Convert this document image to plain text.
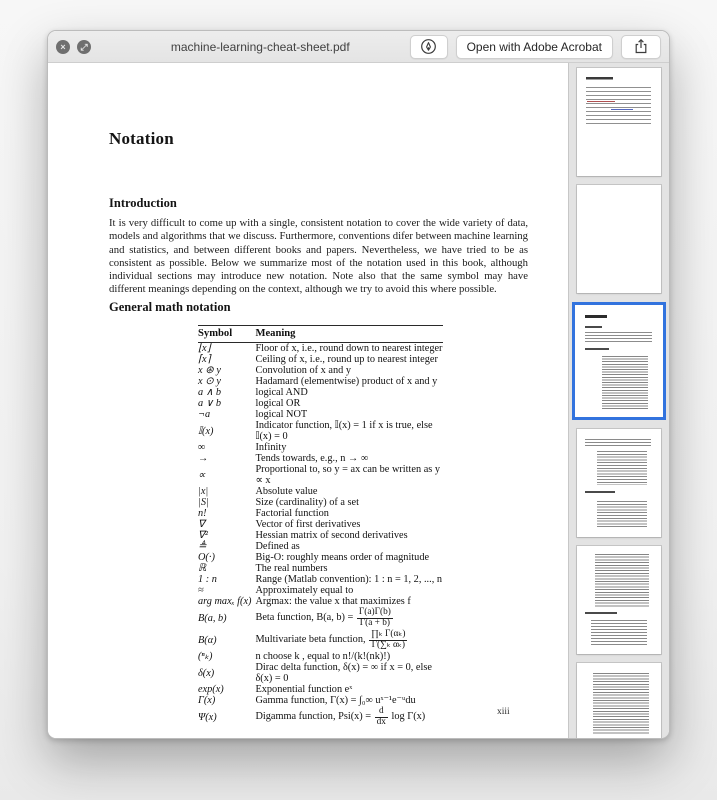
×	⤢	machine-learning-cheat-sheet.pdf	Open with Adobe Acrobat
Notation
Introduction
It is very difficult to come up with a single, consistent notation to cover the wide variety of data, models and algorithms that we discuss. Furthermore, conventions difer between machine learning and statistics, and between different books and papers. Nevertheless, we have tried to be as consistent as possible. Below we summarize most of the notation used in this book, although individual sections may introduce new notation. Note also that the same symbol may have different meanings depending on the context, although we try to avoid this where possible.
General math notation
Symbol	Meaning
⌊x⌋	Floor of x, i.e., round down to nearest integer
⌈x⌉	Ceiling of x, i.e., round up to nearest integer
x ⊛ y	Convolution of x and y
x ⊙ y	Hadamard (elementwise) product of x and y
a ∧ b	logical AND
a ∨ b	logical OR
¬a	logical NOT
𝕀(x)	Indicator function, 𝕀(x) = 1 if x is true, else 𝕀(x) = 0
∞	Infinity
→	Tends towards, e.g., n → ∞
∝	Proportional to, so y = ax can be written as y ∝ x
|x|	Absolute value
|S|	Size (cardinality) of a set
n!	Factorial function
∇	Vector of first derivatives
∇²	Hessian matrix of second derivatives
≜	Defined as
O(·)	Big-O: roughly means order of magnitude
ℝ	The real numbers
1 : n	Range (Matlab convention): 1 : n = 1, 2, ..., n
≈	Approximately equal to
arg maxₓ f(x)	Argmax: the value x that maximizes f
B(a, b)	Beta function, B(a, $b) = \frac{\Gamma(a)\Gamma(b)}{\Gamma(a + b)}$

B(α)	Multivariate beta function, $\frac{\text{∏ₖ Γ(αₖ)}}{\text{Γ(∑ₖ αₖ)}}$

(ⁿₖ)	n choose k , equal to n!/(k!(nk)!)
δ(x)	Dirac delta function, δ(x) = ∞ if x = 0, else δ(x) = 0
exp(x)	Exponential function eˣ
Γ(x)	Gamma function, Γ(x) = ∫₀∞ uˣ⁻¹e⁻ᵘdu
Ψ(x)	Digamma function, $Psi(x) = \frac{d}{dx}$ log Γ(x)	xiii
